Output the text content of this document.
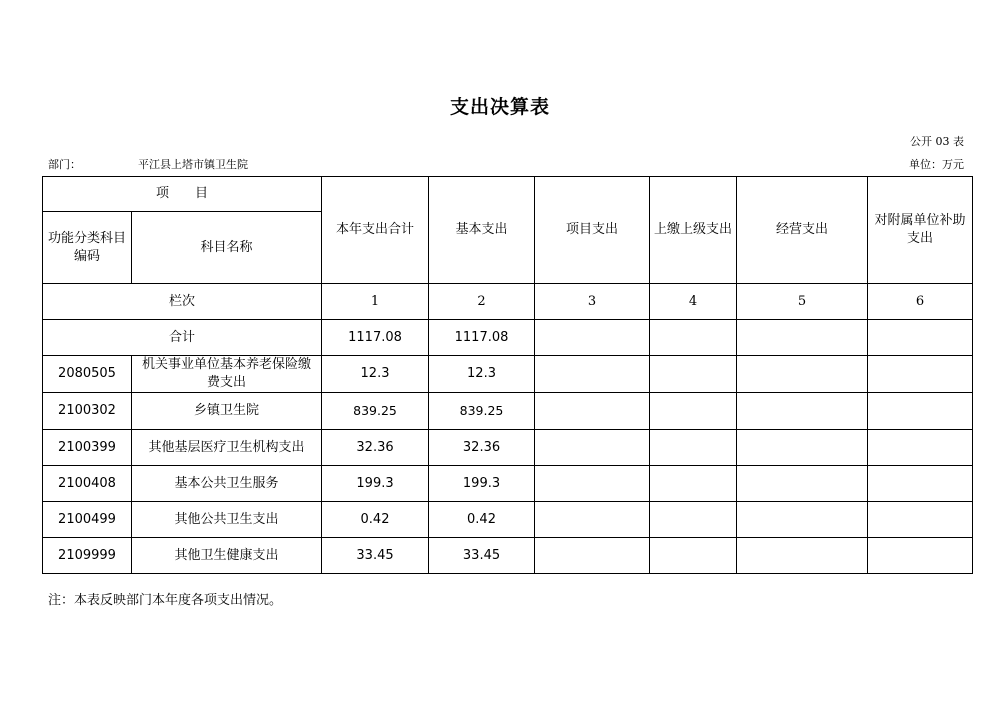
支出决算表
公开 03 表
部门：	平江县上塔市镇卫生院	单位：万元
项　　目		本年支出合计	基本支出	项目支出	上缴上级支出	经营支出	对附属单位补助支出
功能分类科目编码	科目名称						
栏次		1	2	3	4	5	6
合计		1117.08	1117.08				
2080505	机关事业单位基本养老保险缴费支出	12.3	12.3				
2100302	乡镇卫生院	839.25	839.25				
2100399	其他基层医疗卫生机构支出	32.36	32.36				
2100408	基本公共卫生服务	199.3	199.3				
2100499	其他公共卫生支出	0.42	0.42				
2109999	其他卫生健康支出	33.45	33.45				
注：本表反映部门本年度各项支出情况。
